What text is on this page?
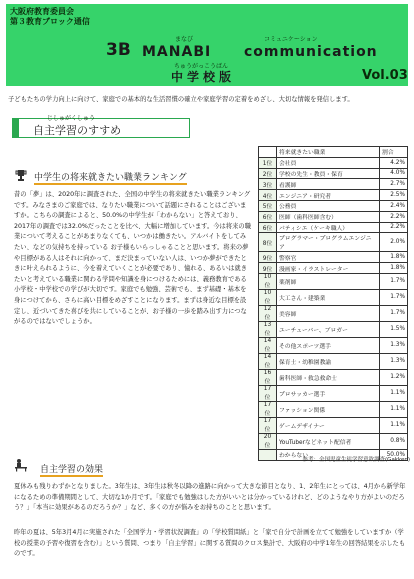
大阪府教育委員会
第３教育ブロック通信
まなび	コミュニケーション
3B MANABI communication
ちゅうがっこうばん
中学校版	Vol.03
子どもたちの学力向上に向けて、家庭での基本的な生活習慣の確立や家庭学習の定着をめざし、大切な情報を発信します。
じしゅがくしゅう
自主学習のすすめ
中学生の将来就きたい職業ランキング
昔の「夢」は、2020年に調査された、全国の中学生の将来就きたい職業ランキングです。みなさまのご家庭では、なりたい職業について話題にされることはございますか。こちらの調査によると、50.0%の中学生が「わからない」と答えており、2017年の調査では32.0%だったことを比べ、大幅に増加しています。今は将来の職業について考えることがあまりなくても、いつかは働きたい。アルバイトをしてみたい、などの気持ちを持っている お子様もいらっしゃることと思います。将来の夢や目標がある人はそれに向かって、まだ決まっていない人は、いつか夢ができたときに叶えられるように、今を着えていくことが必要であり、憧れる、あるいは就きたいと考えている職業に関わる学問や知識を身につけるためには、義務教育である小学校・中学校での学びが大切です。家庭でも勉強、芸術でも、まず基礎・基本を身につけてから、さらに高い目標をめざすことになります。まずは身近な目標を設定し、近づいてきた喜びを共にしていることが、お子様の一歩を踏み出す力につながるのではないでしょうか。
	将来就きたい職業	割合
1位	会社員	4.2%
2位	学校の先生・教員・保育	4.0%
3位	看護師	2.7%
4位	エンジニア・研究者	2.5%
5位	公務員	2.4%
6位	医師（歯科医師含む）	2.2%
6位	パティシエ（ケーキ職人）	2.2%
8位	プログラマー・プログラムエンジニア	2.0%
9位	警察官	1.8%
9位	漫画家・イラストレーター	1.8%
10位	薬剤師	1.7%
10位	大工さん・建築業	1.7%
12位	美容師	1.7%
13位	ユーチューバー、ブロガー	1.5%
14位	その他スポーツ選手	1.3%
14位	保育士・幼稚園教諭	1.3%
16位	歯科医師・救急救命士	1.2%
17位	プロサッカー選手	1.1%
17位	ファッション関係	1.1%
17位	ゲームデザイナー	1.1%
20位	YouTuberなどネット配信者	0.8%
	わからない	50.0%
参考：全国児童生徒学習意欲調査(Gakken)
自主学習の効果
夏休みも残りわずかとなりました。3年生は、3年生は秋冬以降の進路に向かって大きな節目となり、1、2年生にとっては、4月から新学年になるための準備期間として、大切な1か月です。「家庭でも勉強はした方がいいとは分かっているけれど、どのようなやり方がよいのだろう？」「本当に効果があるのだろうか？」など、多くの方が悩みをお持ちのことと思います。
昨年の夏は、5年3月4月に実施された「全国学力・学習状況調査」の「学校質問紙」と「家で自分で計画を立てて勉強をしていますか（学校の授業の予習や復習を含む）」という質問、つまり「自主学習」に関する質問のクロス集計で、大阪府の中学1年生の回答結果を示したものです。
